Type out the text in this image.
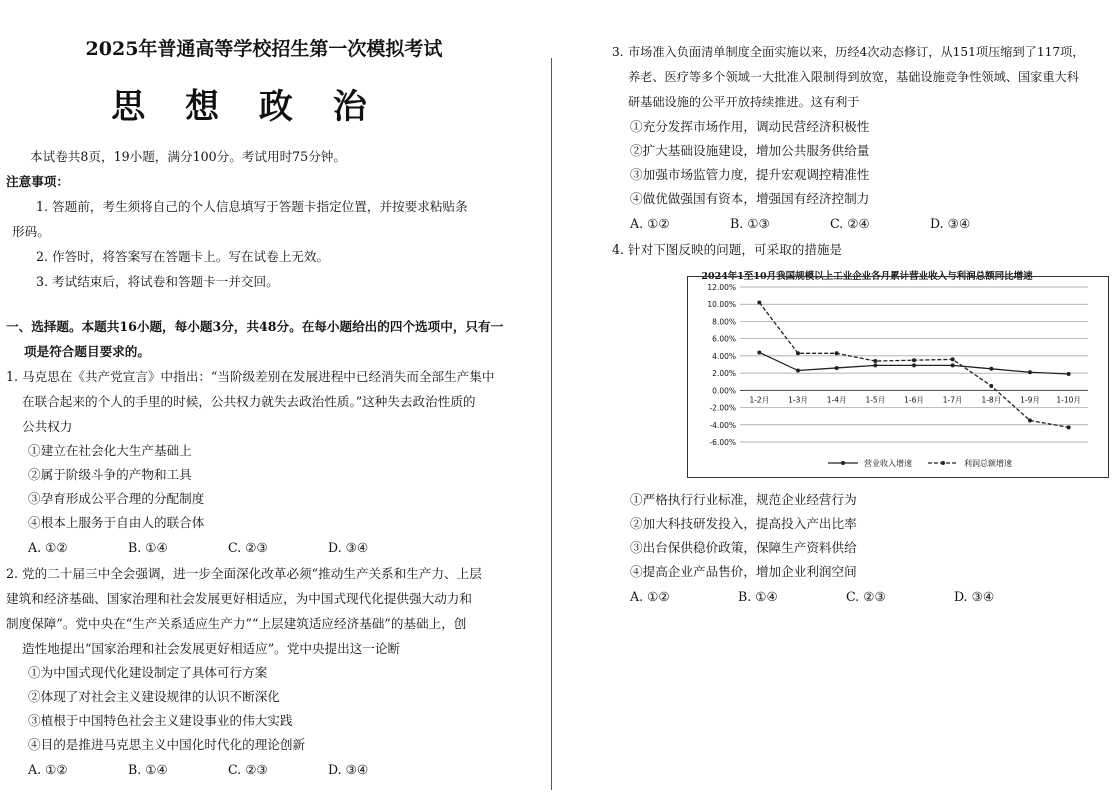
2025年普通高等学校招生第一次模拟考试
思 想 政 治
本试卷共8页，19小题，满分100分。考试用时75分钟。
注意事项：
1. 答题前，考生须将自己的个人信息填写于答题卡指定位置，并按要求粘贴条
形码。
2. 作答时，将答案写在答题卡上。写在试卷上无效。
3. 考试结束后，将试卷和答题卡一并交回。
一、选择题。本题共16小题，每小题3分，共48分。在每小题给出的四个选项中，只有一
项是符合题目要求的。
1. 马克思在《共产党宣言》中指出：“当阶级差别在发展进程中已经消失而全部生产集中
在联合起来的个人的手里的时候，公共权力就失去政治性质。”这种失去政治性质的
公共权力
①建立在社会化大生产基础上
②属于阶级斗争的产物和工具
③孕育形成公平合理的分配制度
④根本上服务于自由人的联合体
A. ①②	B. ①④	C. ②③	D. ③④
2. 党的二十届三中全会强调，进一步全面深化改革必须“推动生产关系和生产力、上层
建筑和经济基础、国家治理和社会发展更好相适应，为中国式现代化提供强大动力和
制度保障”。党中央在“生产关系适应生产力”“上层建筑适应经济基础”的基础上，创
造性地提出“国家治理和社会发展更好相适应”。党中央提出这一论断
①为中国式现代化建设制定了具体可行方案
②体现了对社会主义建设规律的认识不断深化
③植根于中国特色社会主义建设事业的伟大实践
④目的是推进马克思主义中国化时代化的理论创新
A. ①②	B. ①④	C. ②③	D. ③④
3. 市场准入负面清单制度全面实施以来，历经4次动态修订，从151项压缩到了117项，
养老、医疗等多个领域一大批准入限制得到放宽，基础设施竞争性领域、国家重大科
研基础设施的公平开放持续推进。这有利于
①充分发挥市场作用，调动民营经济积极性
②扩大基础设施建设，增加公共服务供给量
③加强市场监管力度，提升宏观调控精准性
④做优做强国有资本，增强国有经济控制力
A. ①②	B. ①③	C. ②④	D. ③④
4. 针对下图反映的问题，可采取的措施是
2024年1至10月我国规模以上工业企业各月累计营业收入与利润总额同比增速
12.00%
10.00%
8.00%
6.00%
4.00%
2.00%
0.00%
-2.00%
-4.00%
-6.00%
1-2月	1-3月	1-4月	1-5月	1-6月	1-7月	1-8月	1-9月 1-10月
营业收入增速	利润总额增速
①严格执行行业标准，规范企业经营行为
②加大科技研发投入，提高投入产出比率
③出台保供稳价政策，保障生产资料供给
④提高企业产品售价，增加企业利润空间
A. ①②	B. ①④	C. ②③	D. ③④
